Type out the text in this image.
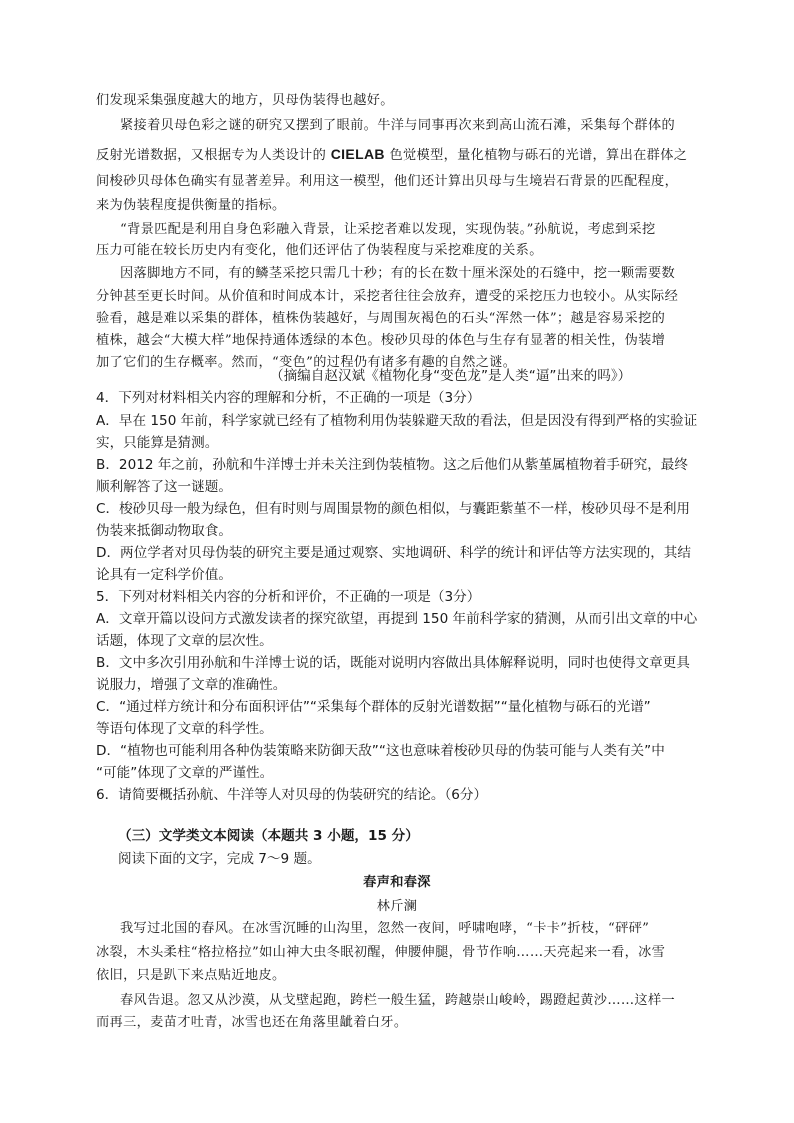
们发现采集强度越大的地方，贝母伪装得也越好。
紧接着贝母色彩之谜的研究又摆到了眼前。牛洋与同事再次来到高山流石滩，采集每个群体的
反射光谱数据，又根据专为人类设计的 CIELAB 色觉模型，量化植物与砾石的光谱，算出在群体之
间梭砂贝母体色确实有显著差异。利用这一模型，他们还计算出贝母与生境岩石背景的匹配程度，
来为伪装程度提供衡量的指标。
“背景匹配是利用自身色彩融入背景，让采挖者难以发现，实现伪装。”孙航说，考虑到采挖
压力可能在较长历史内有变化，他们还评估了伪装程度与采挖难度的关系。
因落脚地方不同，有的鳞茎采挖只需几十秒；有的长在数十厘米深处的石缝中，挖一颗需要数
分钟甚至更长时间。从价值和时间成本计，采挖者往往会放弃，遭受的采挖压力也较小。从实际经
验看，越是难以采集的群体，植株伪装越好，与周围灰褐色的石头“浑然一体”；越是容易采挖的
植株，越会“大模大样”地保持通体透绿的本色。梭砂贝母的体色与生存有显著的相关性，伪装增
加了它们的生存概率。然而，“变色”的过程仍有诸多有趣的自然之谜。
（摘编自赵汉斌《植物化身“变色龙”是人类“逼”出来的吗》）
4．下列对材料相关内容的理解和分析，不正确的一项是（3分）
A．早在 150 年前，科学家就已经有了植物利用伪装躲避天敌的看法，但是因没有得到严格的实验证
实，只能算是猜测。
B．2012 年之前，孙航和牛洋博士并未关注到伪装植物。这之后他们从紫堇属植物着手研究，最终
顺利解答了这一谜题。
C．梭砂贝母一般为绿色，但有时则与周围景物的颜色相似，与囊距紫堇不一样，梭砂贝母不是利用
伪装来抵御动物取食。
D．两位学者对贝母伪装的研究主要是通过观察、实地调研、科学的统计和评估等方法实现的，其结
论具有一定科学价值。
5．下列对材料相关内容的分析和评价，不正确的一项是（3分）
A．文章开篇以设问方式激发读者的探究欲望，再提到 150 年前科学家的猜测，从而引出文章的中心
话题，体现了文章的层次性。
B．文中多次引用孙航和牛洋博士说的话，既能对说明内容做出具体解释说明，同时也使得文章更具
说服力，增强了文章的准确性。
C．“通过样方统计和分布面积评估”“采集每个群体的反射光谱数据”“量化植物与砾石的光谱”
等语句体现了文章的科学性。
D．“植物也可能利用各种伪装策略来防御天敌”“这也意味着梭砂贝母的伪装可能与人类有关”中
“可能”体现了文章的严谨性。
6．请简要概括孙航、牛洋等人对贝母的伪装研究的结论。（6分）
（三）文学类文本阅读（本题共 3 小题，15 分）
阅读下面的文字，完成 7～9 题。
春声和春深
林斤澜
我写过北国的春风。在冰雪沉睡的山沟里，忽然一夜间，呼啸咆哮，“卡卡”折枝，“砰砰”
冰裂，木头柔柱“格拉格拉”如山神大虫冬眠初醒，伸腰伸腿，骨节作响……天亮起来一看，冰雪
依旧，只是趴下来点贴近地皮。
春风告退。忽又从沙漠，从戈壁起跑，跨栏一般生猛，跨越崇山峻岭，踢蹬起黄沙……这样一
而再三，麦苗才吐青，冰雪也还在角落里龇着白牙。
